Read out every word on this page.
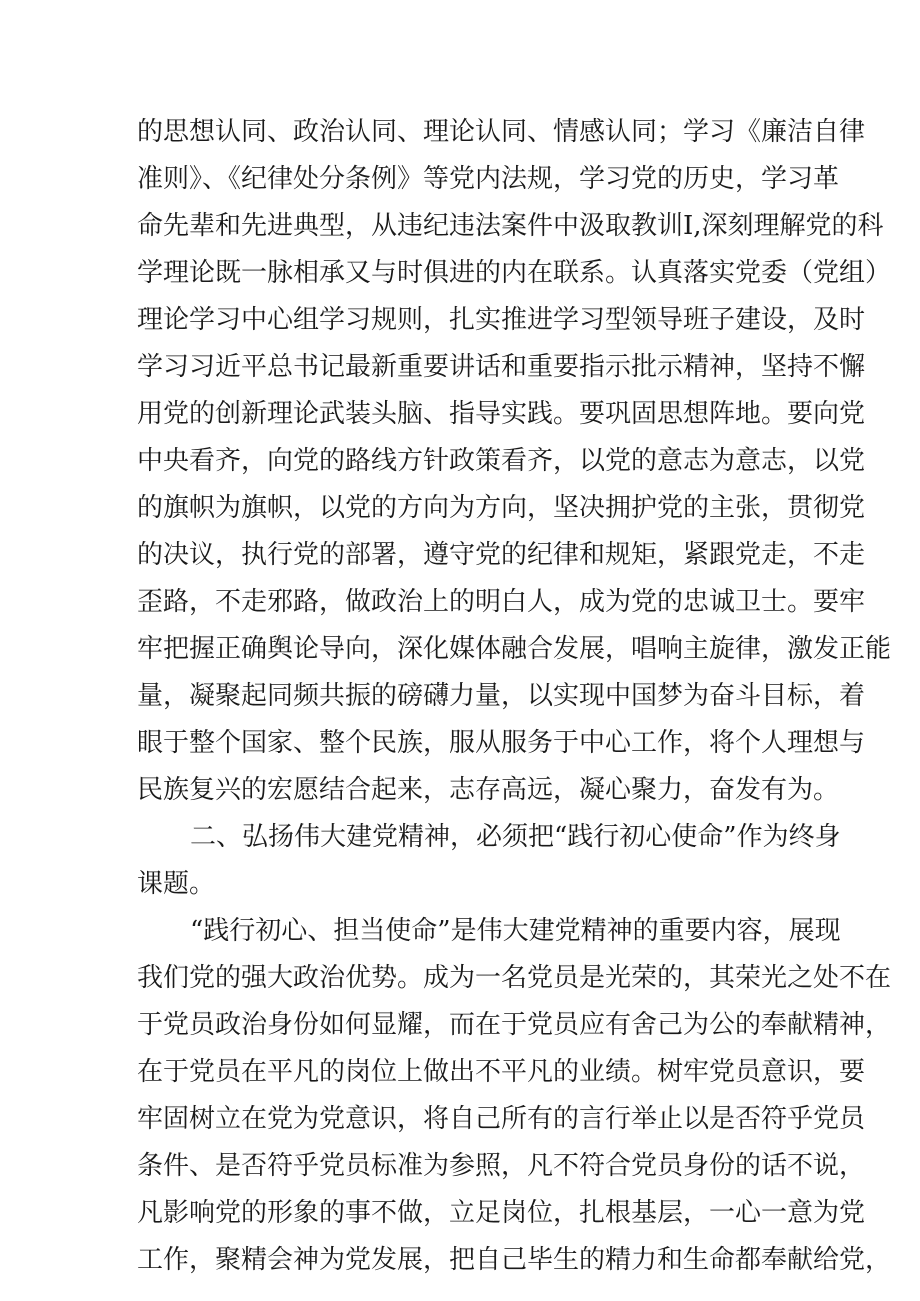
的思想认同、政治认同、理论认同、情感认同；学习《廉洁自律
准则》、《纪律处分条例》等党内法规，学习党的历史，学习革
命先辈和先进典型，从违纪违法案件中汲取教训I,深刻理解党的科
学理论既一脉相承又与时俱进的内在联系。认真落实党委（党组）
理论学习中心组学习规则，扎实推进学习型领导班子建设，及时
学习习近平总书记最新重要讲话和重要指示批示精神，坚持不懈
用党的创新理论武装头脑、指导实践。要巩固思想阵地。要向党
中央看齐，向党的路线方针政策看齐，以党的意志为意志，以党
的旗帜为旗帜，以党的方向为方向，坚决拥护党的主张，贯彻党
的决议，执行党的部署，遵守党的纪律和规矩，紧跟党走，不走
歪路，不走邪路，做政治上的明白人，成为党的忠诚卫士。要牢
牢把握正确舆论导向，深化媒体融合发展，唱响主旋律，激发正能
量，凝聚起同频共振的磅礴力量，以实现中国梦为奋斗目标，着
眼于整个国家、整个民族，服从服务于中心工作，将个人理想与
民族复兴的宏愿结合起来，志存高远，凝心聚力，奋发有为。
二、弘扬伟大建党精神，必须把“践行初心使命”作为终身
课题。
“践行初心、担当使命”是伟大建党精神的重要内容，展现
我们党的强大政治优势。成为一名党员是光荣的，其荣光之处不在
于党员政治身份如何显耀，而在于党员应有舍己为公的奉献精神，
在于党员在平凡的岗位上做出不平凡的业绩。树牢党员意识，要
牢固树立在党为党意识，将自己所有的言行举止以是否符乎党员
条件、是否符乎党员标准为参照，凡不符合党员身份的话不说，
凡影响党的形象的事不做，立足岗位，扎根基层，一心一意为党
工作，聚精会神为党发展，把自己毕生的精力和生命都奉献给党，
